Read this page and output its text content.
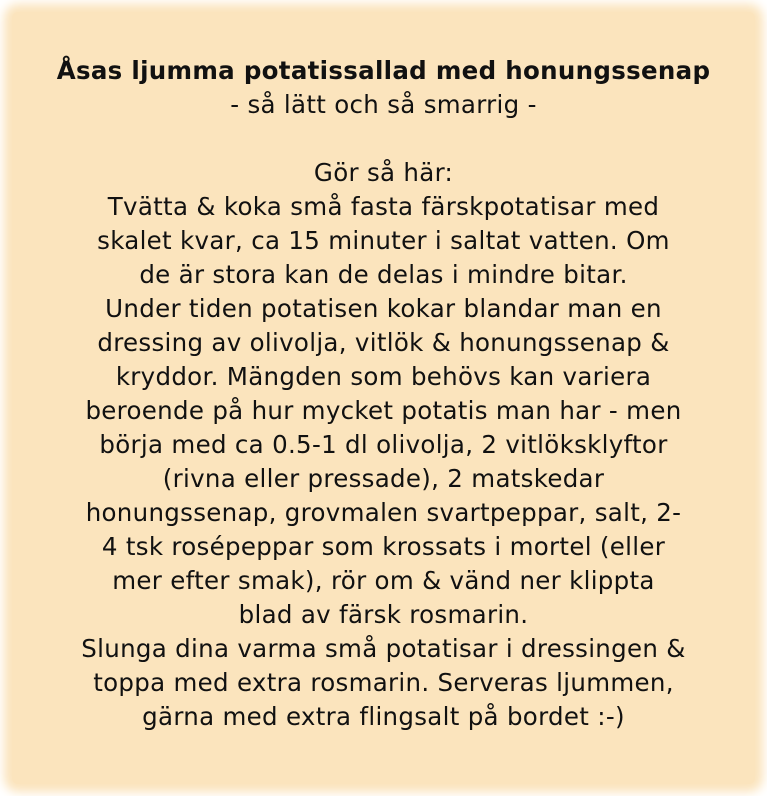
Åsas ljumma potatissallad med honungssenap
- så lätt och så smarrig -
Gör så här:
Tvätta & koka små fasta färskpotatisar med
skalet kvar, ca 15 minuter i saltat vatten. Om
de är stora kan de delas i mindre bitar.
Under tiden potatisen kokar blandar man en
dressing av olivolja, vitlök & honungssenap &
kryddor. Mängden som behövs kan variera
beroende på hur mycket potatis man har - men
börja med ca 0.5-1 dl olivolja, 2 vitlöksklyftor
(rivna eller pressade), 2 matskedar
honungssenap, grovmalen svartpeppar, salt, 2-
4 tsk rosépeppar som krossats i mortel (eller
mer efter smak), rör om & vänd ner klippta
blad av färsk rosmarin.
Slunga dina varma små potatisar i dressingen &
toppa med extra rosmarin. Serveras ljummen,
gärna med extra flingsalt på bordet :-)
